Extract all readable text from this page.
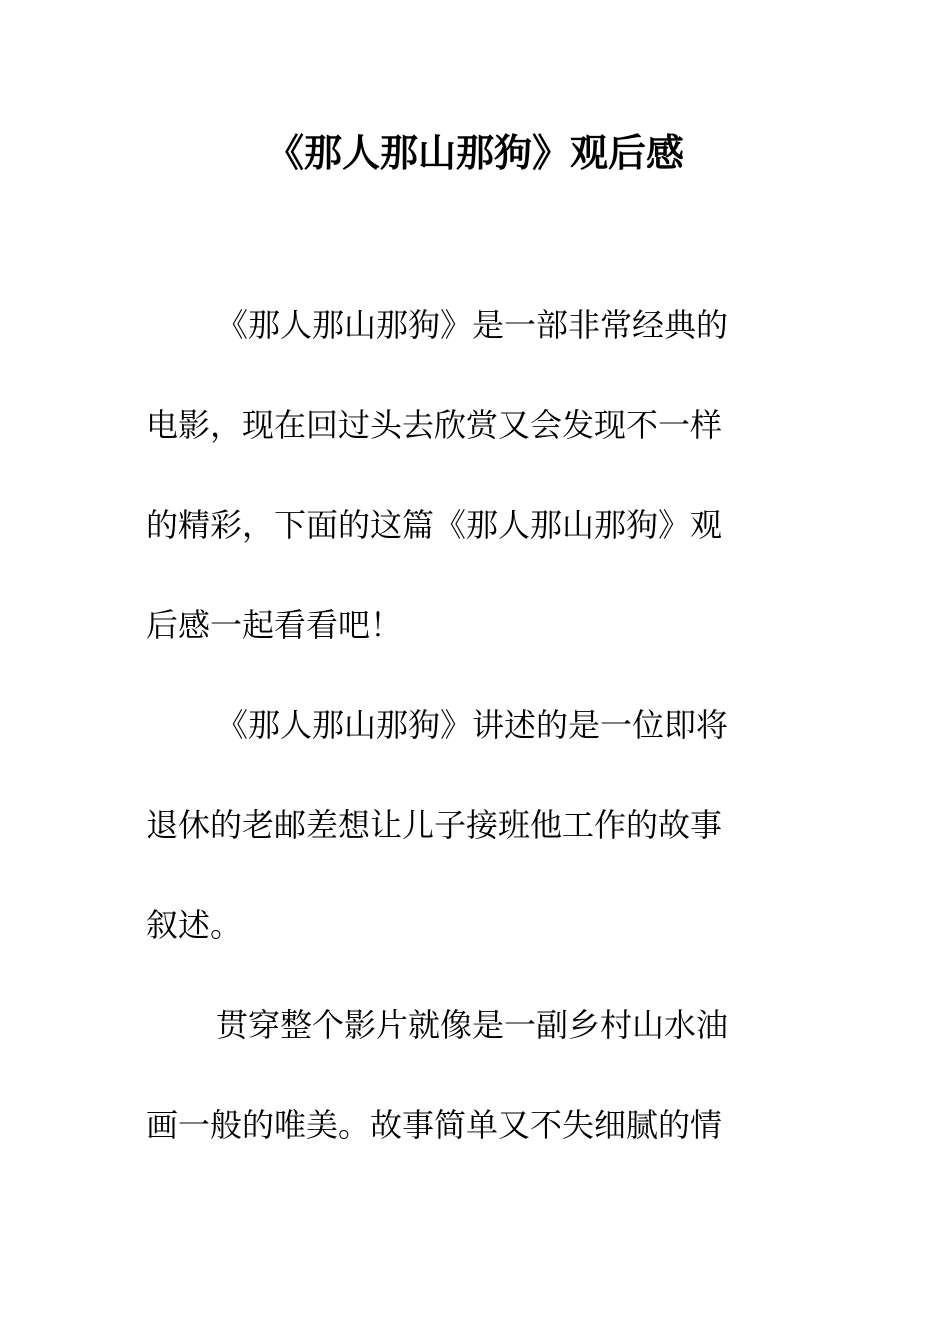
《那人那山那狗》观后感
《那人那山那狗》是一部非常经典的
电影，现在回过头去欣赏又会发现不一样
的精彩，下面的这篇《那人那山那狗》观
后感一起看看吧！
《那人那山那狗》讲述的是一位即将
退休的老邮差想让儿子接班他工作的故事
叙述。
贯穿整个影片就像是一副乡村山水油
画一般的唯美。故事简单又不失细腻的情
